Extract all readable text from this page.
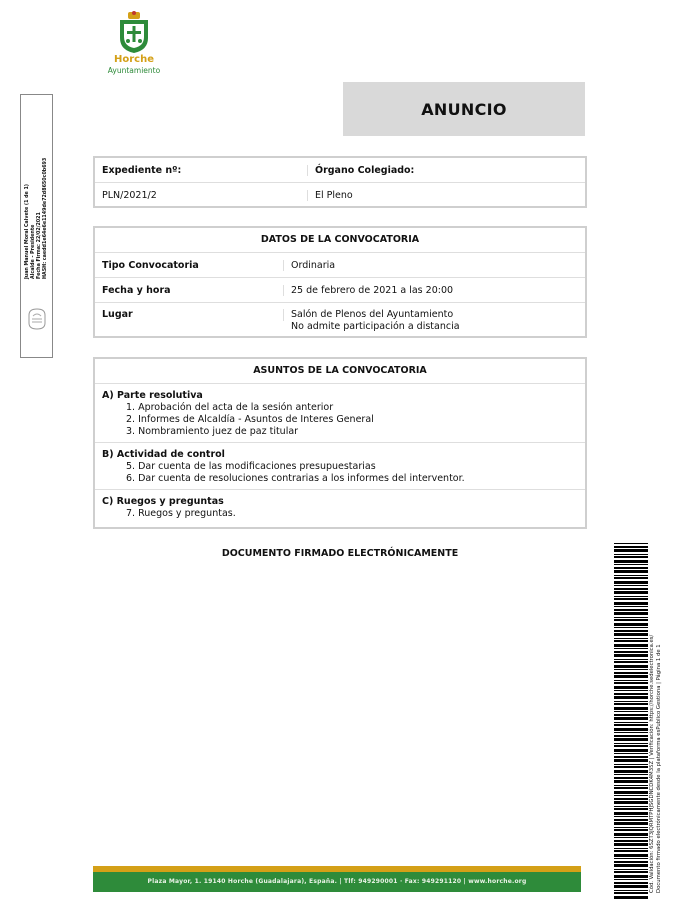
Horche
Ayuntamiento
Juan Manuel Moral Calvete (1 de 1) Alcalde - Presidente Fecha Firma: 22/02/2021 HASH: caedd1e64e6e1149de72d8650c0b693
ANUNCIO
Expediente nº:	Órgano Colegiado:
PLN/2021/2	El Pleno
DATOS DE LA CONVOCATORIA
Tipo Convocatoria	Ordinaria
Fecha y hora	25 de febrero de 2021 a las 20:00
Lugar	Salón de Plenos del Ayuntamiento
No admite participación a distancia
ASUNTOS DE LA CONVOCATORIA
A) Parte resolutiva
1. Aprobación del acta de la sesión anterior
2. Informes de Alcaldía - Asuntos de Interes General
3. Nombramiento juez de paz titular
B) Actividad de control
5. Dar cuenta de las modificaciones presupuestarias
6. Dar cuenta de resoluciones contrarias a los informes del interventor.
C) Ruegos y preguntas
7. Ruegos y preguntas.
DOCUMENTO FIRMADO ELECTRÓNICAMENTE
Cód. Validación: 6SZT3JQRMTPHJSGDNCDK4M35Z | Verificación: https://horche.sedelectronica.es/ Documento firmado electrónicamente desde la plataforma esPublico Gestiona | Página 1 de 1
Plaza Mayor, 1. 19140 Horche (Guadalajara), España. | Tlf: 949290001 · Fax: 949291120 | www.horche.org
